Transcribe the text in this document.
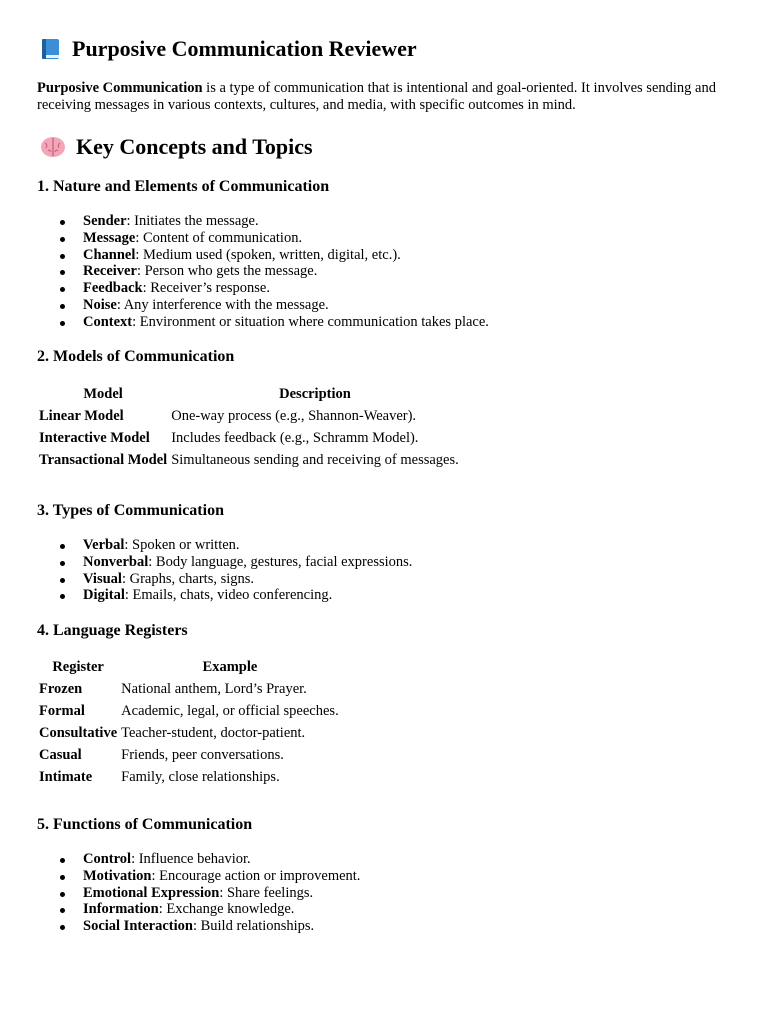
Purposive Communication Reviewer
Purposive Communication is a type of communication that is intentional and goal-oriented. It involves sending and receiving messages in various contexts, cultures, and media, with specific outcomes in mind.
Key Concepts and Topics
1. Nature and Elements of Communication
Sender: Initiates the message.
Message: Content of communication.
Channel: Medium used (spoken, written, digital, etc.).
Receiver: Person who gets the message.
Feedback: Receiver’s response.
Noise: Any interference with the message.
Context: Environment or situation where communication takes place.
2. Models of Communication
Model	Description
Linear Model	One-way process (e.g., Shannon-Weaver).
Interactive Model	Includes feedback (e.g., Schramm Model).
Transactional Model	Simultaneous sending and receiving of messages.
3. Types of Communication
Verbal: Spoken or written.
Nonverbal: Body language, gestures, facial expressions.
Visual: Graphs, charts, signs.
Digital: Emails, chats, video conferencing.
4. Language Registers
Register	Example
Frozen	National anthem, Lord’s Prayer.
Formal	Academic, legal, or official speeches.
Consultative	Teacher-student, doctor-patient.
Casual	Friends, peer conversations.
Intimate	Family, close relationships.
5. Functions of Communication
Control: Influence behavior.
Motivation: Encourage action or improvement.
Emotional Expression: Share feelings.
Information: Exchange knowledge.
Social Interaction: Build relationships.
